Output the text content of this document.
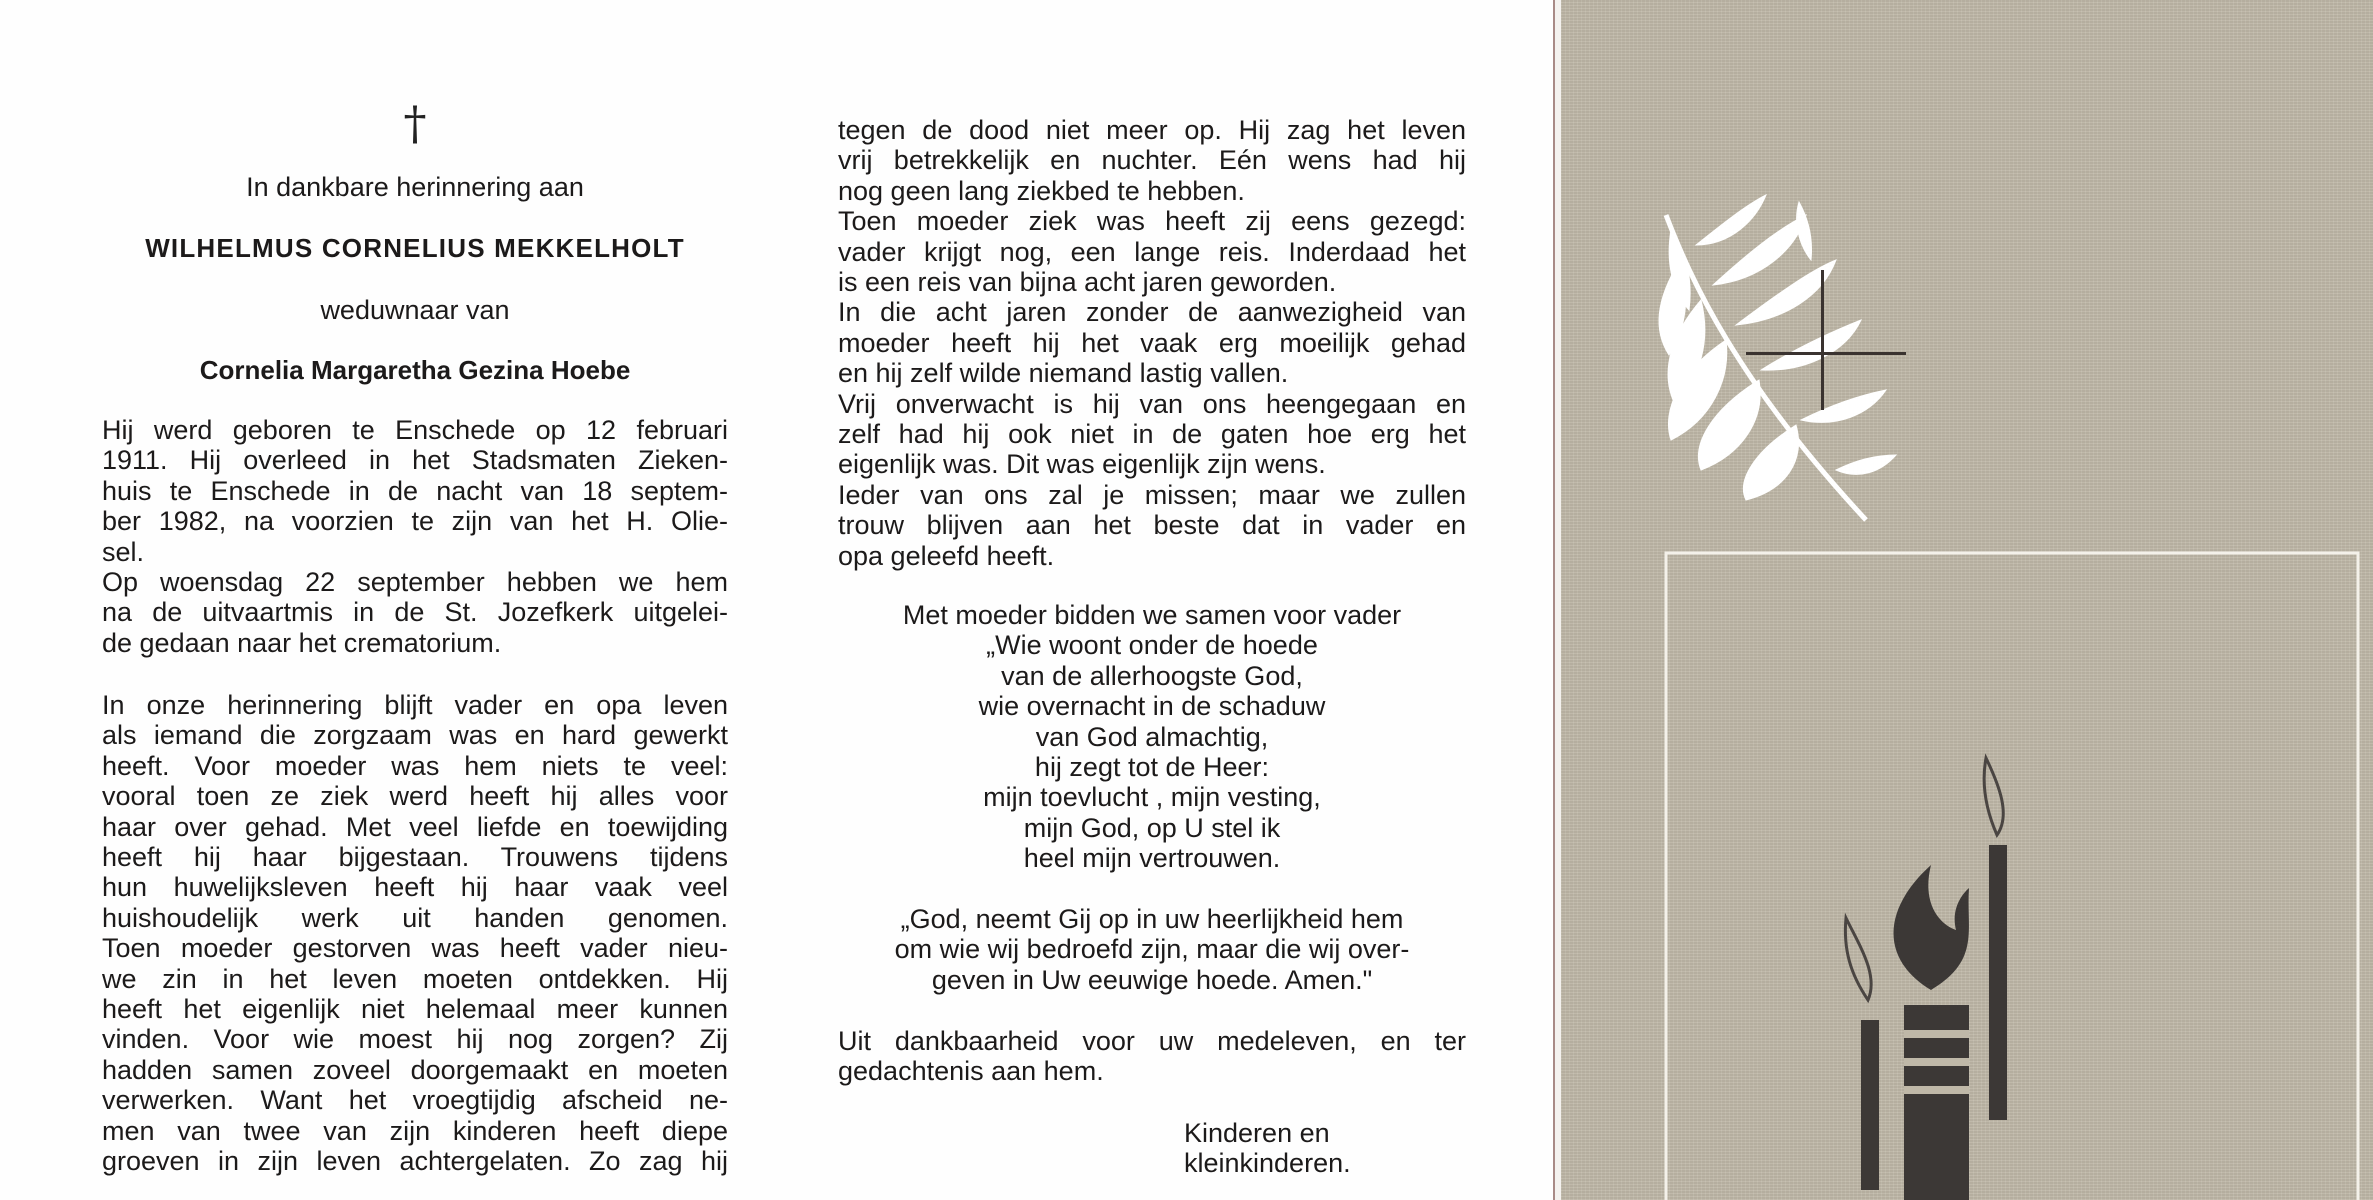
†
In dankbare herinnering aan
WILHELMUS CORNELIUS MEKKELHOLT
weduwnaar van
Cornelia Margaretha Gezina Hoebe
Hij werd geboren te Enschede op 12 februari
1911. Hij overleed in het Stadsmaten Zieken-
huis te Enschede in de nacht van 18 septem-
ber 1982, na voorzien te zijn van het H. Olie-
sel.
Op woensdag 22 september hebben we hem
na de uitvaartmis in de St. Jozefkerk uitgelei-
de gedaan naar het crematorium.
In onze herinnering blijft vader en opa leven
als iemand die zorgzaam was en hard gewerkt
heeft. Voor moeder was hem niets te veel:
vooral toen ze ziek werd heeft hij alles voor
haar over gehad. Met veel liefde en toewijding
heeft hij haar bijgestaan. Trouwens tijdens
hun huwelijksleven heeft hij haar vaak veel
huishoudelijk werk uit handen genomen.
Toen moeder gestorven was heeft vader nieu-
we zin in het leven moeten ontdekken. Hij
heeft het eigenlijk niet helemaal meer kunnen
vinden. Voor wie moest hij nog zorgen? Zij
hadden samen zoveel doorgemaakt en moeten
verwerken. Want het vroegtijdig afscheid ne-
men van twee van zijn kinderen heeft diepe
groeven in zijn leven achtergelaten. Zo zag hij
tegen de dood niet meer op. Hij zag het leven
vrij betrekkelijk en nuchter. Eén wens had hij
nog geen lang ziekbed te hebben.
Toen moeder ziek was heeft zij eens gezegd:
vader krijgt nog, een lange reis. Inderdaad het
is een reis van bijna acht jaren geworden.
In die acht jaren zonder de aanwezigheid van
moeder heeft hij het vaak erg moeilijk gehad
en hij zelf wilde niemand lastig vallen.
Vrij onverwacht is hij van ons heengegaan en
zelf had hij ook niet in de gaten hoe erg het
eigenlijk was. Dit was eigenlijk zijn wens.
Ieder van ons zal je missen; maar we zullen
trouw blijven aan het beste dat in vader en
opa geleefd heeft.
Met moeder bidden we samen voor vader
„Wie woont onder de hoede
van de allerhoogste God,
wie overnacht in de schaduw
van God almachtig,
hij zegt tot de Heer:
mijn toevlucht , mijn vesting,
mijn God, op U stel ik
heel mijn vertrouwen.
„God, neemt Gij op in uw heerlijkheid hem
om wie wij bedroefd zijn, maar die wij over-
geven in Uw eeuwige hoede. Amen."
Uit dankbaarheid voor uw medeleven, en ter
gedachtenis aan hem.
Kinderen en
kleinkinderen.
